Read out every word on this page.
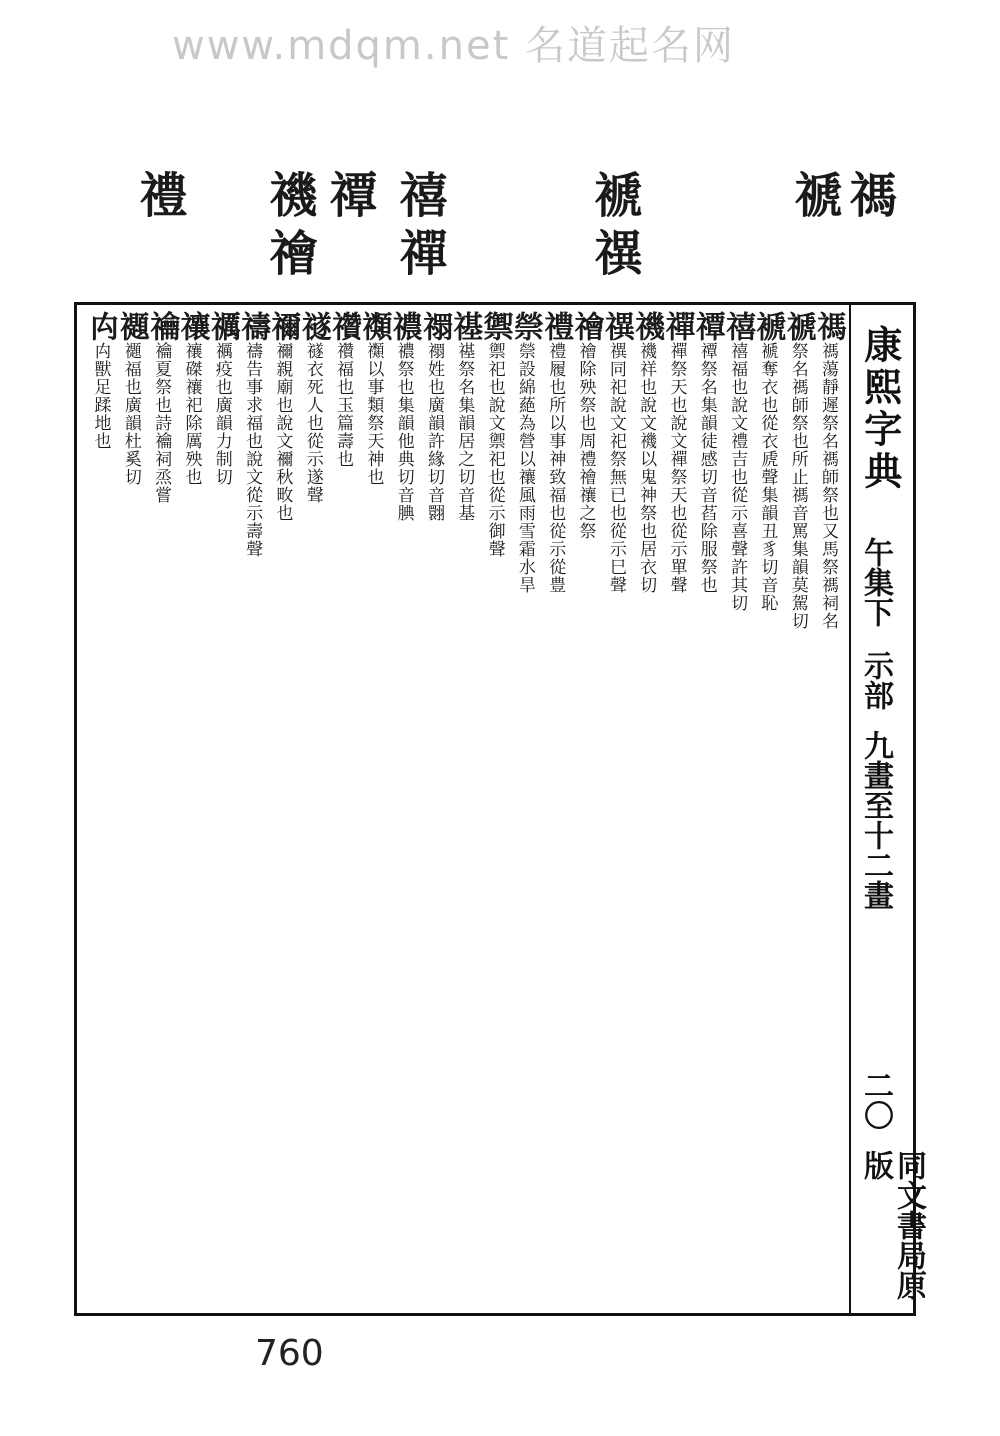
www.mdqm.net 名道起名网
禡
禠
褫
禩
禧
禪
禫
禨
禬
禮
康熙字典
午集下
示部
九畫至十二畫
二〇
同文書局原版
禡禡蕩靜遲祭名禡師祭也又馬祭禡祠名
禠祭名禡師祭也所止禡音罵集韻莫駕切
褫褫奪衣也從衣虒聲集韻丑豸切音恥
禧禧福也說文禮吉也從示喜聲許其切
禫禫祭名集韻徒感切音萏除服祭也
禪禪祭天也說文禪祭天也從示單聲
禨禨祥也說文禨以鬼神祭也居衣切
禩禩同祀說文祀祭無已也從示巳聲
禬禬除殃祭也周禮禬禳之祭
禮禮履也所以事神致福也從示從豊
禜禜設綿蕝為營以禳風雨雪霜水旱
禦禦祀也說文禦祀也從示御聲
禥禥祭名集韻居之切音基
禤禤姓也廣韻許緣切音翾
禯禯祭也集韻他典切音腆
禷禷以事類祭天神也
禶禶福也玉篇壽也
禭禭衣死人也從示遂聲
禰禰親廟也說文禰秋畋也
禱禱告事求福也說文從示壽聲
禲禲疫也廣韻力制切
禳禳磔禳祀除厲殃也
禴禴夏祭也詩禴祠烝嘗
禵禵福也廣韻杜奚切
禸禸獸足蹂地也
760
